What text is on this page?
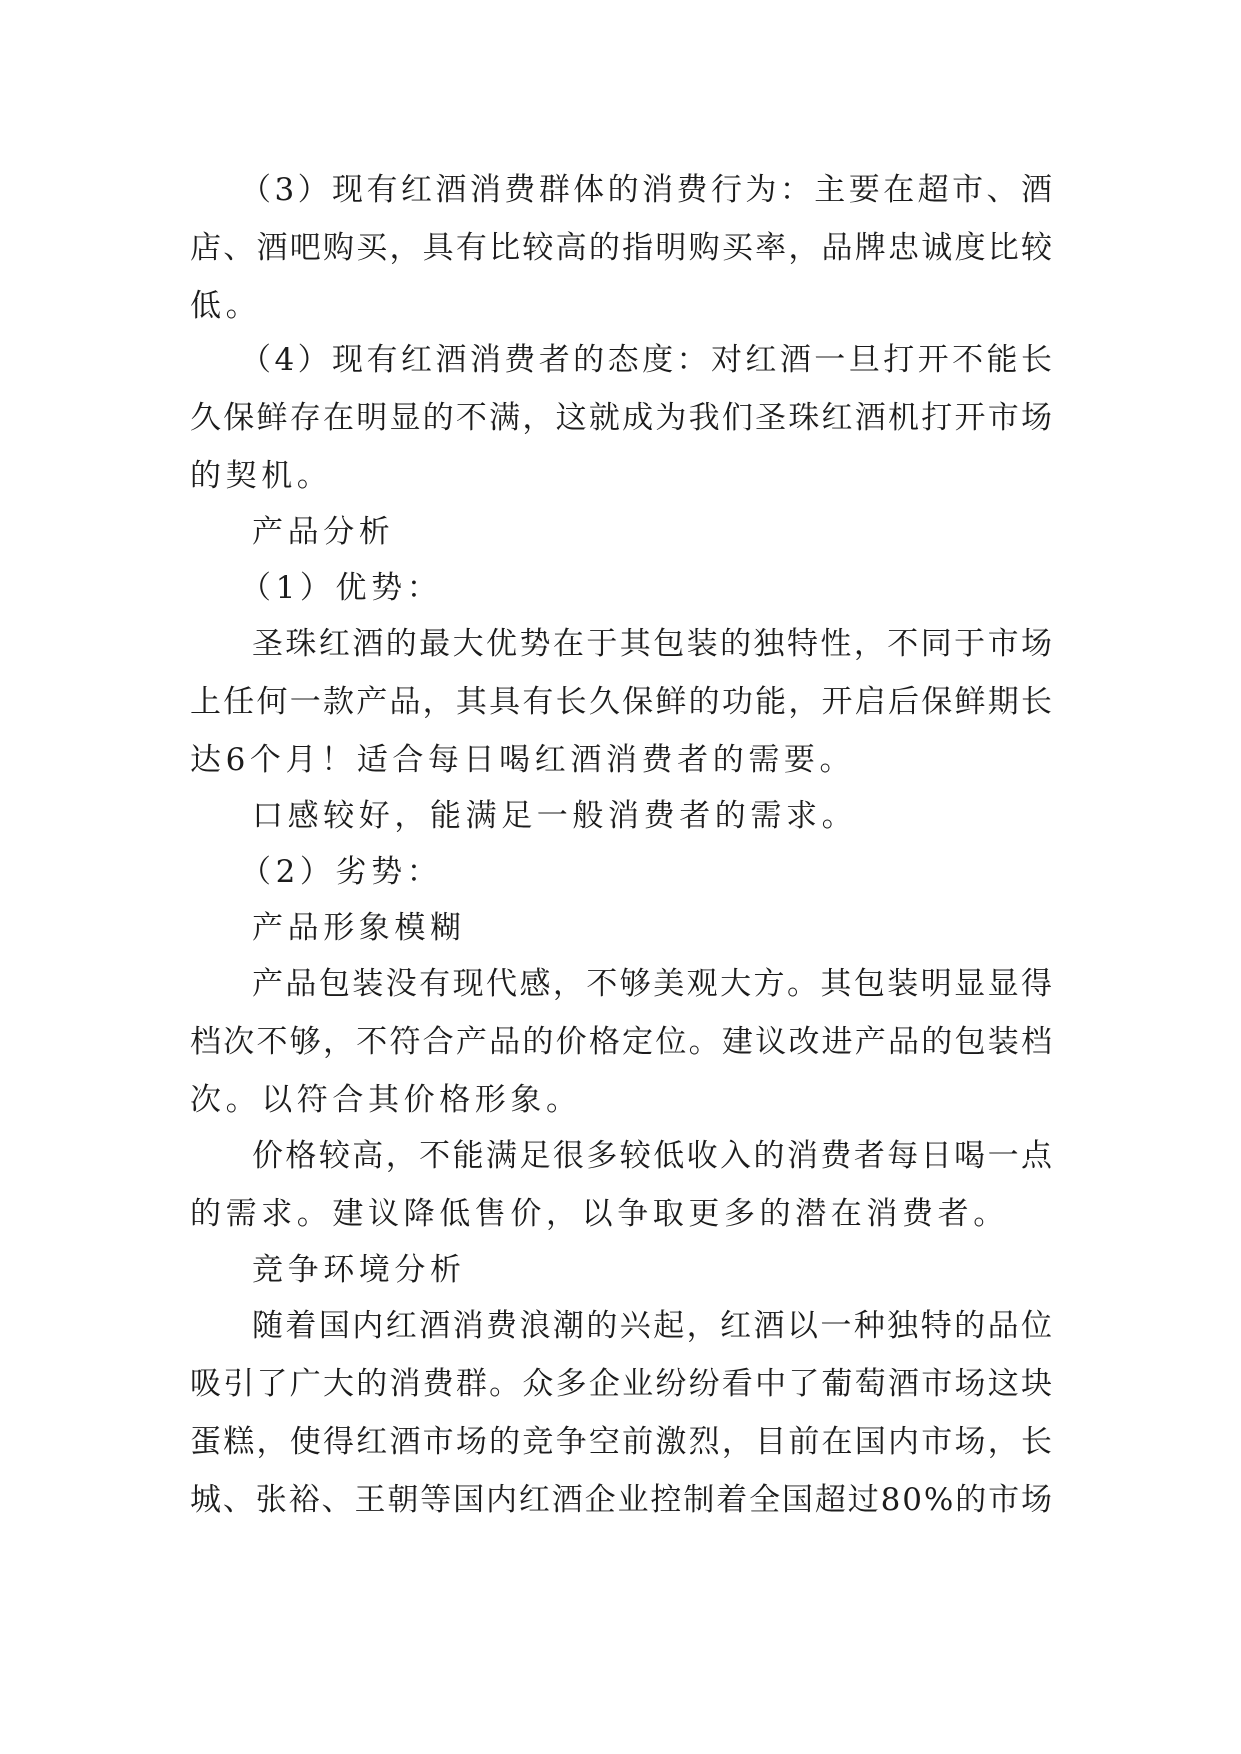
（3）现有红酒消费群体的消费行为：主要在超市、酒
店、酒吧购买，具有比较高的指明购买率，品牌忠诚度比较
低。
（4）现有红酒消费者的态度：对红酒一旦打开不能长
久保鲜存在明显的不满，这就成为我们圣珠红酒机打开市场
的契机。
产品分析
（1）优势：
圣珠红酒的最大优势在于其包装的独特性，不同于市场
上任何一款产品，其具有长久保鲜的功能，开启后保鲜期长
达6个月！适合每日喝红酒消费者的需要。
口感较好，能满足一般消费者的需求。
（2）劣势：
产品形象模糊
产品包装没有现代感，不够美观大方。其包装明显显得
档次不够，不符合产品的价格定位。建议改进产品的包装档
次。以符合其价格形象。
价格较高，不能满足很多较低收入的消费者每日喝一点
的需求。建议降低售价，以争取更多的潜在消费者。
竞争环境分析
随着国内红酒消费浪潮的兴起，红酒以一种独特的品位
吸引了广大的消费群。众多企业纷纷看中了葡萄酒市场这块
蛋糕，使得红酒市场的竞争空前激烈，目前在国内市场，长
城、张裕、王朝等国内红酒企业控制着全国超过80%的市场
